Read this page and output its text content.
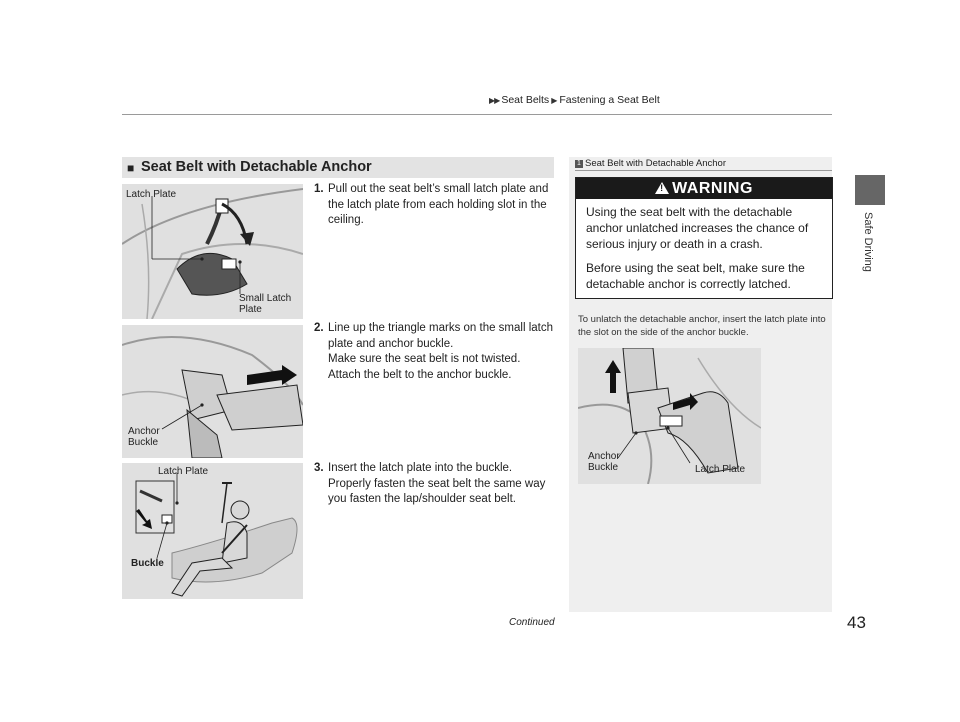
▶▶ Seat Belts ▶ Fastening a Seat Belt
Safe Driving
■ Seat Belt with Detachable Anchor
Latch Plate
Small Latch
Plate
Anchor
Buckle
Latch Plate
Buckle
1. Pull out the seat belt’s small latch plate and the latch plate from each holding slot in the ceiling.
2. Line up the triangle marks on the small latch plate and anchor buckle.
Make sure the seat belt is not twisted.
Attach the belt to the anchor buckle.
3. Insert the latch plate into the buckle. Properly fasten the seat belt the same way you fasten the lap/shoulder seat belt.
1 Seat Belt with Detachable Anchor
! WARNING
Using the seat belt with the detachable anchor unlatched increases the chance of serious injury or death in a crash.
Before using the seat belt, make sure the detachable anchor is correctly latched.
To unlatch the detachable anchor, insert the latch plate into the slot on the side of the anchor buckle.
Anchor
Buckle	Latch Plate
Continued	43
